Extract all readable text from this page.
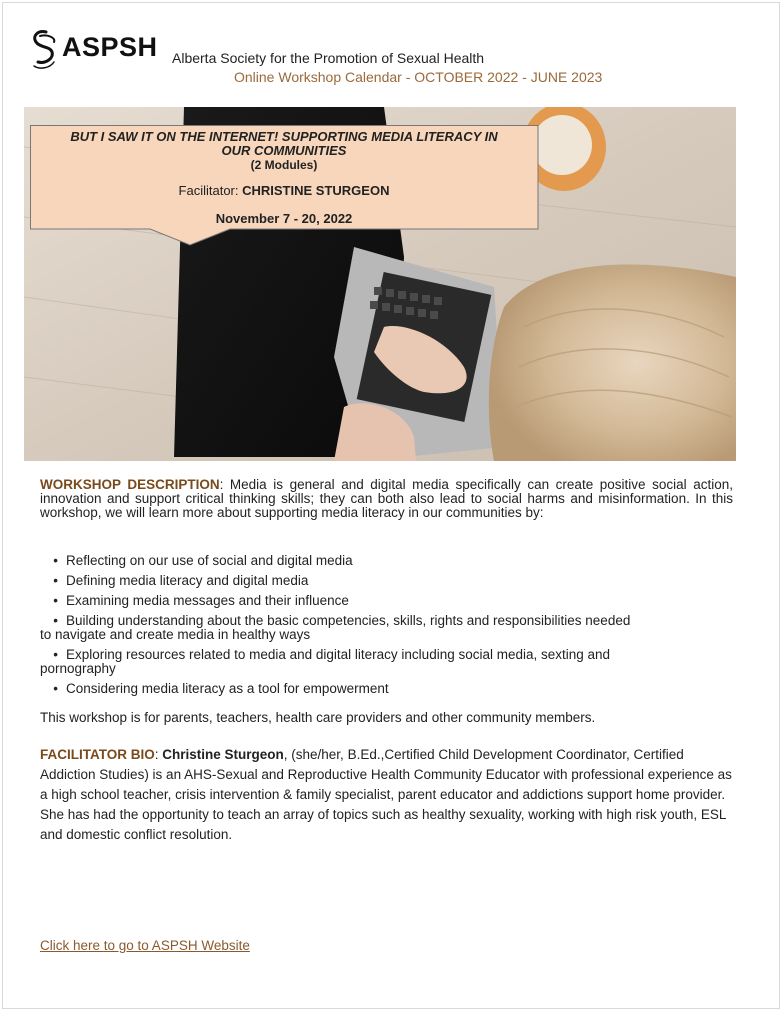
ASPSH Alberta Society for the Promotion of Sexual Health
Online Workshop Calendar - OCTOBER 2022 - JUNE 2023
BUT I SAW IT ON THE INTERNET! SUPPORTING MEDIA LITERACY IN OUR COMMUNITIES
(2 Modules)
Facilitator: CHRISTINE STURGEON
November 7 - 20, 2022
WORKSHOP DESCRIPTION: Media is general and digital media specifically can create positive social action, innovation and support critical thinking skills; they can both also lead to social harms and misinformation. In this workshop, we will learn more about supporting media literacy in our communities by:
• Reflecting on our use of social and digital media
• Defining media literacy and digital media
• Examining media messages and their influence
• Building understanding about the basic competencies, skills, rights and responsibilities needed
to navigate and create media in healthy ways
• Exploring resources related to media and digital literacy including social media, sexting and
pornography
• Considering media literacy as a tool for empowerment
This workshop is for parents, teachers, health care providers and other community members.
FACILITATOR BIO: Christine Sturgeon, (she/her, B.Ed.,Certified Child Development Coordinator, Certified Addiction Studies) is an AHS-Sexual and Reproductive Health Community Educator with professional experience as a high school teacher, crisis intervention & family specialist, parent educator and addictions support home provider. She has had the opportunity to teach an array of topics such as healthy sexuality, working with high risk youth, ESL and domestic conflict resolution.
Click here to go to ASPSH Website
